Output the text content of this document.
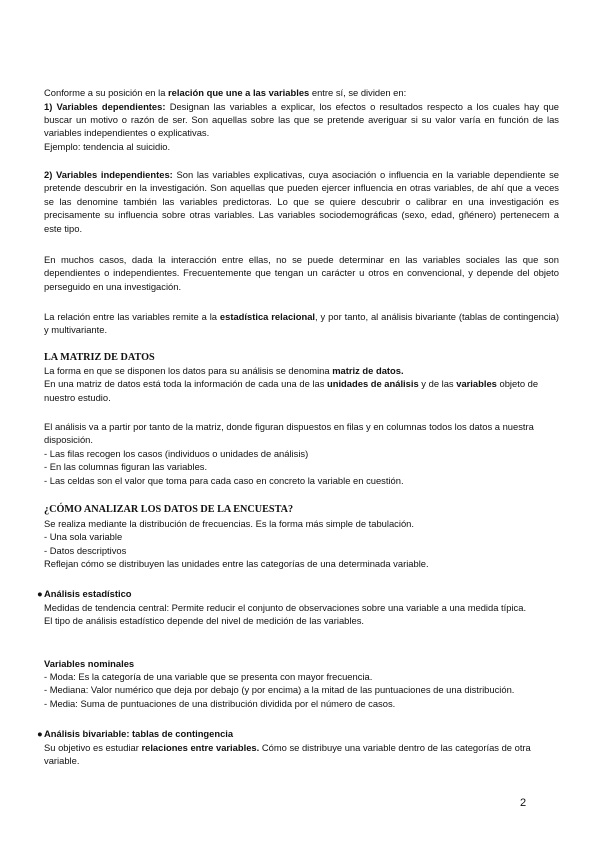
Conforme a su posición en la relación que une a las variables entre sí, se dividen en:

1) Variables dependientes: Designan las variables a explicar, los efectos o resultados respecto a los cuales hay que buscar un motivo o razón de ser. Son aquellas sobre las que se pretende averiguar si su valor varía en función de las variables independientes o explicativas.

Ejemplo: tendencia al suicidio.

2) Variables independientes: Son las variables explicativas, cuya asociación o influencia en la variable dependiente se pretende descubrir en la investigación. Son aquellas que pueden ejercer influencia en otras variables, de ahí que a veces se las denomine también las variables predictoras. Lo que se quiere descubrir o calibrar en una investigación es precisamente su influencia sobre otras variables. Las variables sociodemográficas (sexo, edad, gñénero) pertenecem a este tipo.

En muchos casos, dada la interacción entre ellas, no se puede determinar en las variables sociales las que son dependientes o independientes. Frecuentemente que tengan un carácter u otros en convencional, y depende del objeto perseguido en una investigación.

La relación entre las variables remite a la estadística relacional, y por tanto, al análisis bivariante (tablas de contingencia) y multivariante.

LA MATRIZ DE DATOS

La forma en que se disponen los datos para su análisis se denomina matriz de datos.

En una matriz de datos está toda la información de cada una de las unidades de análisis y de las variables objeto de nuestro estudio.

El análisis va a partir por tanto de la matriz, donde figuran dispuestos en filas y en columnas todos los datos a nuestra disposición.

- Las filas recogen los casos (individuos o unidades de análisis)

- En las columnas figuran las variables.

- Las celdas son el valor que toma para cada caso en concreto la variable en cuestión.

¿CÓMO ANALIZAR LOS DATOS DE LA ENCUESTA?

Se realiza mediante la distribución de frecuencias. Es la forma más simple de tabulación.

- Una sola variable

- Datos descriptivos

Reflejan cómo se distribuyen las unidades entre las categorías de una determinada variable.

●Análisis estadístico

Medidas de tendencia central: Permite reducir el conjunto de observaciones sobre una variable a una medida típica.

El tipo de análisis estadístico depende del nivel de medición de las variables.

Variables nominales

- Moda: Es la categoría de una variable que se presenta con mayor frecuencia.

- Mediana: Valor numérico que deja por debajo (y por encima) a la mitad de las puntuaciones de una distribución.

- Media: Suma de puntuaciones de una distribución dividida por el número de casos.

●Análisis bivariable: tablas de contingencia

Su objetivo es estudiar relaciones entre variables. Cómo se distribuye una variable dentro de las categorías de otra variable.

2
